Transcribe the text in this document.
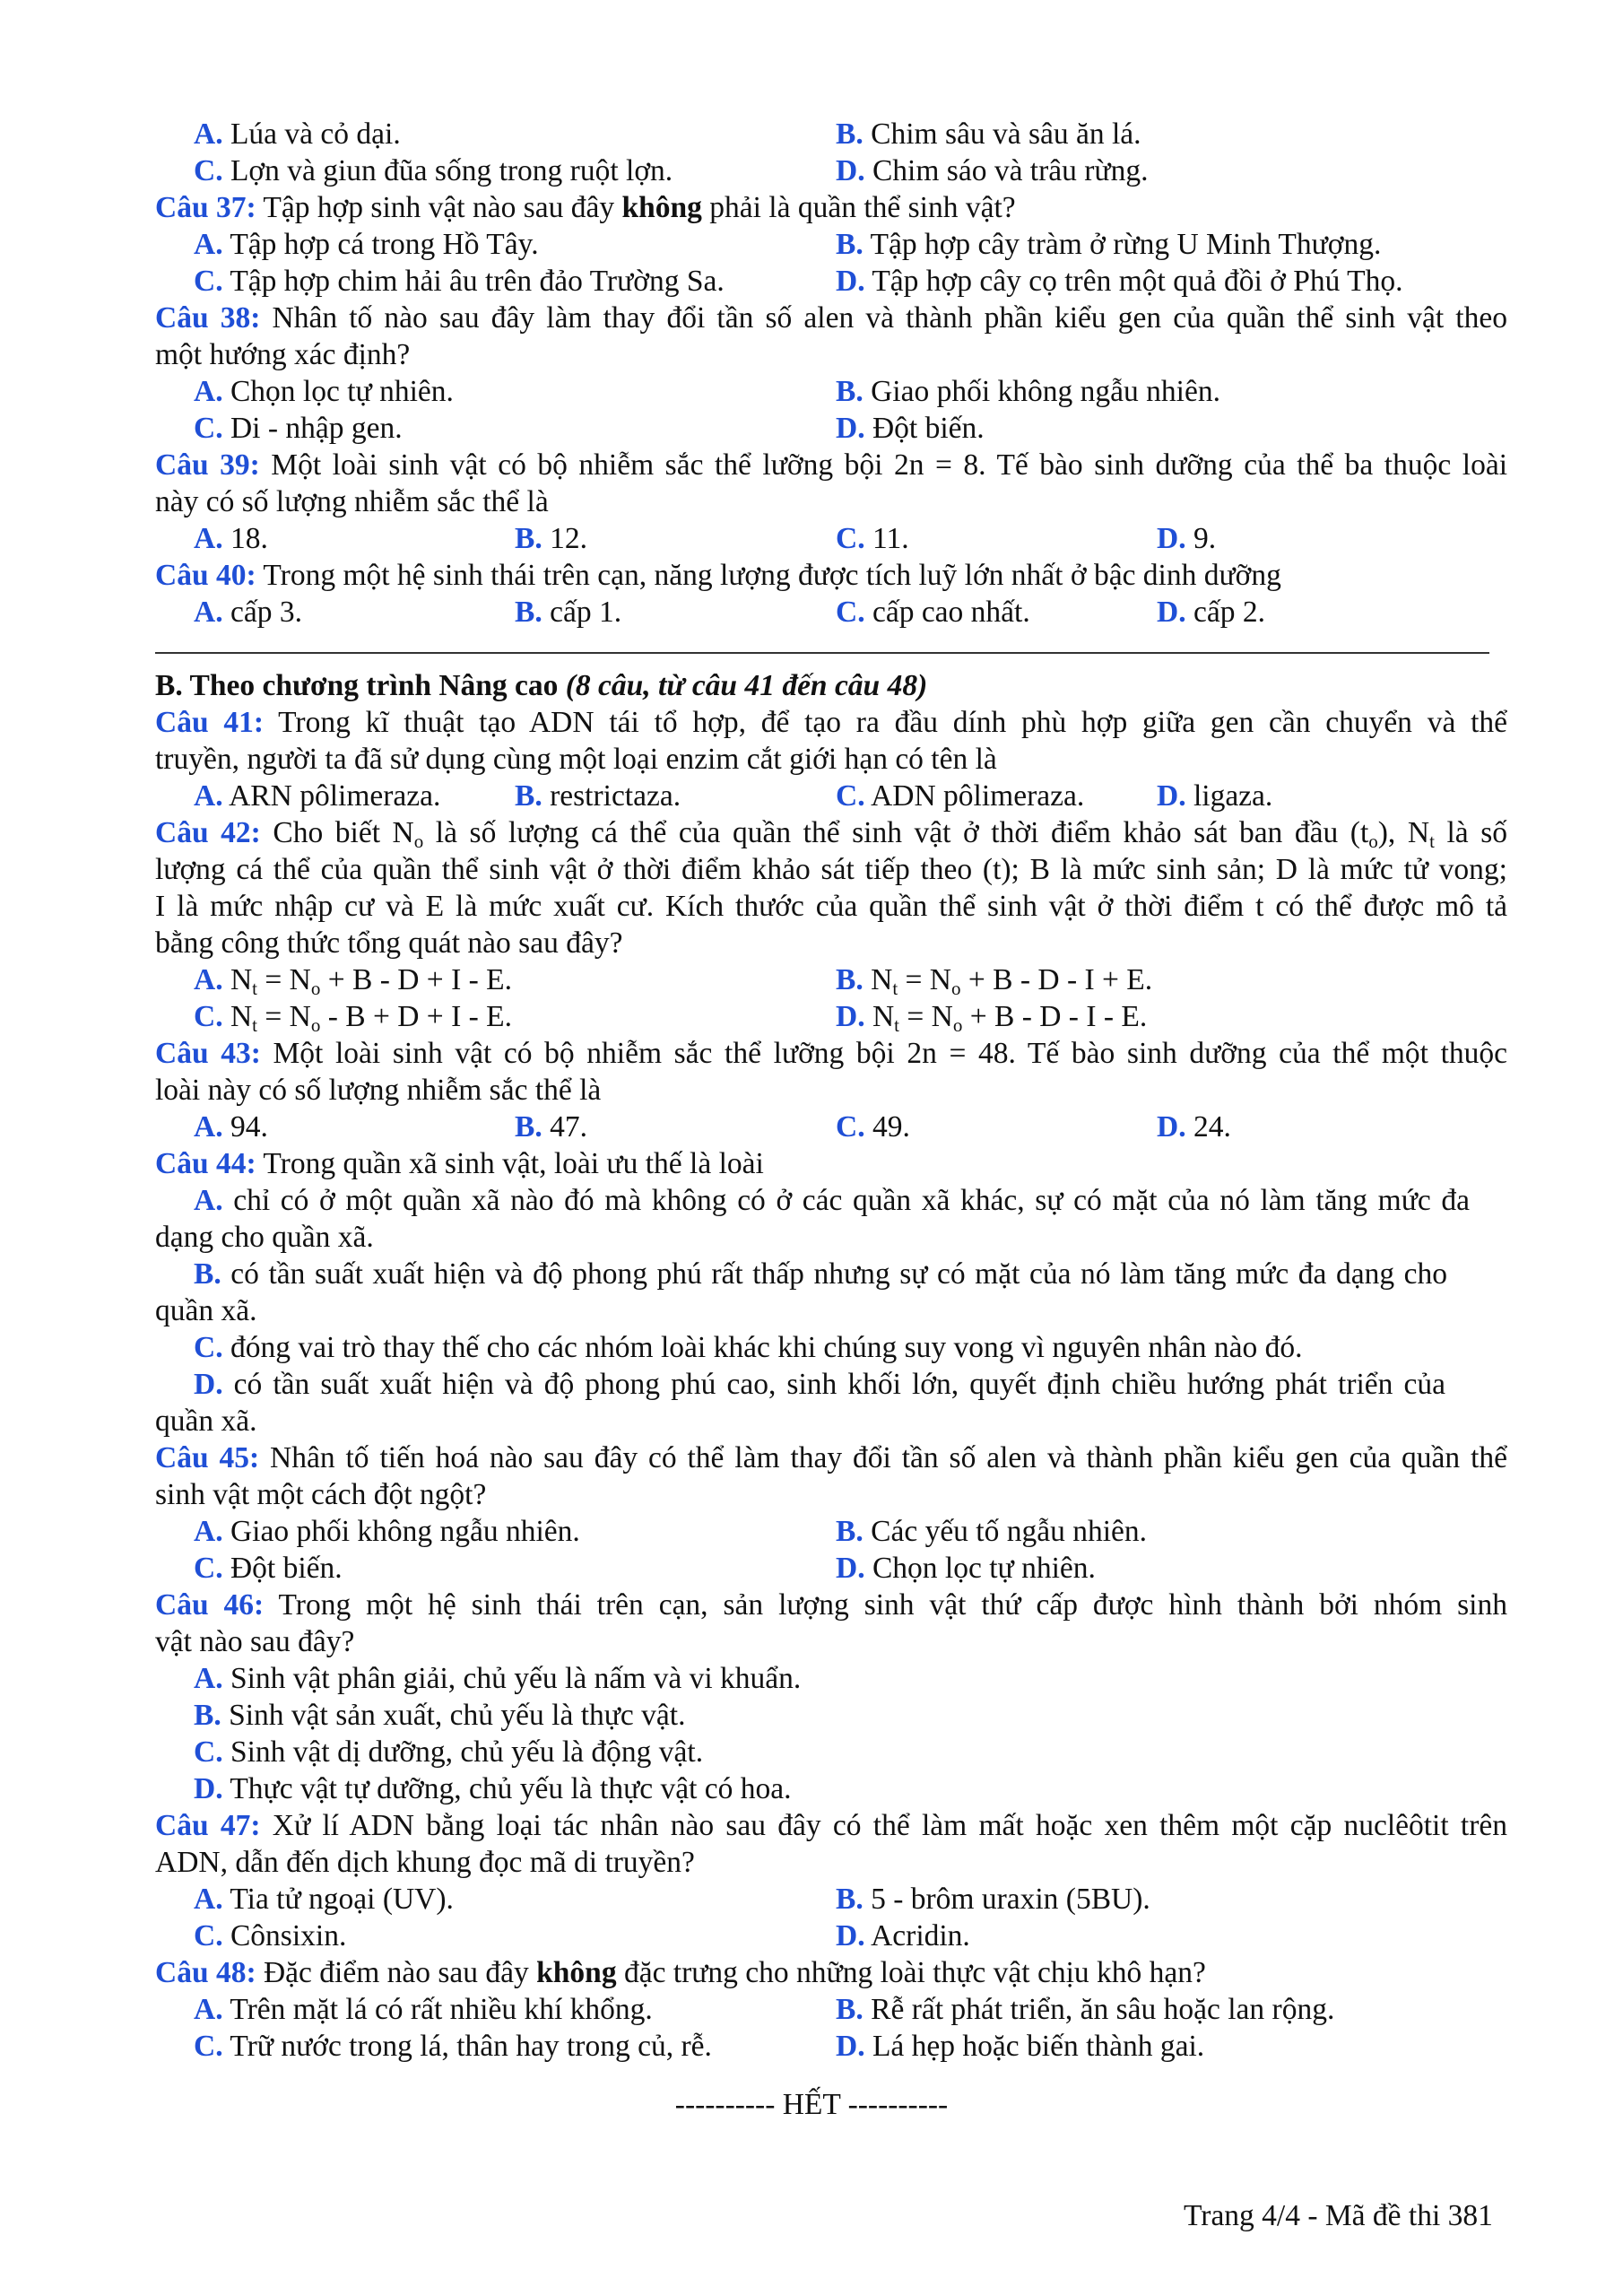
A. Lúa và cỏ dại.	B. Chim sâu và sâu ăn lá.
C. Lợn và giun đũa sống trong ruột lợn.	D. Chim sáo và trâu rừng.
Câu 37: Tập hợp sinh vật nào sau đây không phải là quần thể sinh vật?
A. Tập hợp cá trong Hồ Tây.	B. Tập hợp cây tràm ở rừng U Minh Thượng.
C. Tập hợp chim hải âu trên đảo Trường Sa.	D. Tập hợp cây cọ trên một quả đồi ở Phú Thọ.
Câu 38: Nhân tố nào sau đây làm thay đổi tần số alen và thành phần kiểu gen của quần thể sinh vật theo
một hướng xác định?
A. Chọn lọc tự nhiên.	B. Giao phối không ngẫu nhiên.
C. Di - nhập gen.	D. Đột biến.
Câu 39: Một loài sinh vật có bộ nhiễm sắc thể lưỡng bội 2n = 8. Tế bào sinh dưỡng của thể ba thuộc loài
này có số lượng nhiễm sắc thể là
A. 18.	B. 12.	C. 11.	D. 9.
Câu 40: Trong một hệ sinh thái trên cạn, năng lượng được tích luỹ lớn nhất ở bậc dinh dưỡng
A. cấp 3.	B. cấp 1.	C. cấp cao nhất.	D. cấp 2.
B. Theo chương trình Nâng cao (8 câu, từ câu 41 đến câu 48)
Câu 41: Trong kĩ thuật tạo ADN tái tổ hợp, để tạo ra đầu dính phù hợp giữa gen cần chuyển và thể
truyền, người ta đã sử dụng cùng một loại enzim cắt giới hạn có tên là
A. ARN pôlimeraza. B. restrictaza.	C. ADN pôlimeraza. D. ligaza.
Câu 42: Cho biết $N_o$ là số lượng cá thể của quần thể sinh vật ở thời điểm khảo sát ban đầu $(t_o)$, $N_t$ là số
lượng cá thể của quần thể sinh vật ở thời điểm khảo sát tiếp theo (t); B là mức sinh sản; D là mức tử vong;
I là mức nhập cư và E là mức xuất cư. Kích thước của quần thể sinh vật ở thời điểm t có thể được mô tả
bằng công thức tổng quát nào sau đây?
A. $N_t = N_o + B - D + I - E$.	B. $N_t = N_o + B - D - I + E$.
C. $N_t = N_o - B + D + I - E$.	D. $N_t = N_o + B - D - I - E$.
Câu 43: Một loài sinh vật có bộ nhiễm sắc thể lưỡng bội 2n = 48. Tế bào sinh dưỡng của thể một thuộc
loài này có số lượng nhiễm sắc thể là
A. 94.	B. 47.	C. 49.	D. 24.
Câu 44: Trong quần xã sinh vật, loài ưu thế là loài
A. chỉ có ở một quần xã nào đó mà không có ở các quần xã khác, sự có mặt của nó làm tăng mức đa
dạng cho quần xã.
B. có tần suất xuất hiện và độ phong phú rất thấp nhưng sự có mặt của nó làm tăng mức đa dạng cho
quần xã.
C. đóng vai trò thay thế cho các nhóm loài khác khi chúng suy vong vì nguyên nhân nào đó.
D. có tần suất xuất hiện và độ phong phú cao, sinh khối lớn, quyết định chiều hướng phát triển của
quần xã.
Câu 45: Nhân tố tiến hoá nào sau đây có thể làm thay đổi tần số alen và thành phần kiểu gen của quần thể
sinh vật một cách đột ngột?
A. Giao phối không ngẫu nhiên.	B. Các yếu tố ngẫu nhiên.
C. Đột biến.	D. Chọn lọc tự nhiên.
Câu 46: Trong một hệ sinh thái trên cạn, sản lượng sinh vật thứ cấp được hình thành bởi nhóm sinh
vật nào sau đây?
A. Sinh vật phân giải, chủ yếu là nấm và vi khuẩn.
B. Sinh vật sản xuất, chủ yếu là thực vật.
C. Sinh vật dị dưỡng, chủ yếu là động vật.
D. Thực vật tự dưỡng, chủ yếu là thực vật có hoa.
Câu 47: Xử lí ADN bằng loại tác nhân nào sau đây có thể làm mất hoặc xen thêm một cặp nuclêôtit trên
ADN, dẫn đến dịch khung đọc mã di truyền?
A. Tia tử ngoại (UV).	B. 5 - brôm uraxin (5BU).
C. Cônsixin.	D. Acridin.
Câu 48: Đặc điểm nào sau đây không đặc trưng cho những loài thực vật chịu khô hạn?
A. Trên mặt lá có rất nhiều khí khổng.	B. Rễ rất phát triển, ăn sâu hoặc lan rộng.
C. Trữ nước trong lá, thân hay trong củ, rễ.	D. Lá hẹp hoặc biến thành gai.
---------- HẾT ----------
Trang 4/4 - Mã đề thi 381
